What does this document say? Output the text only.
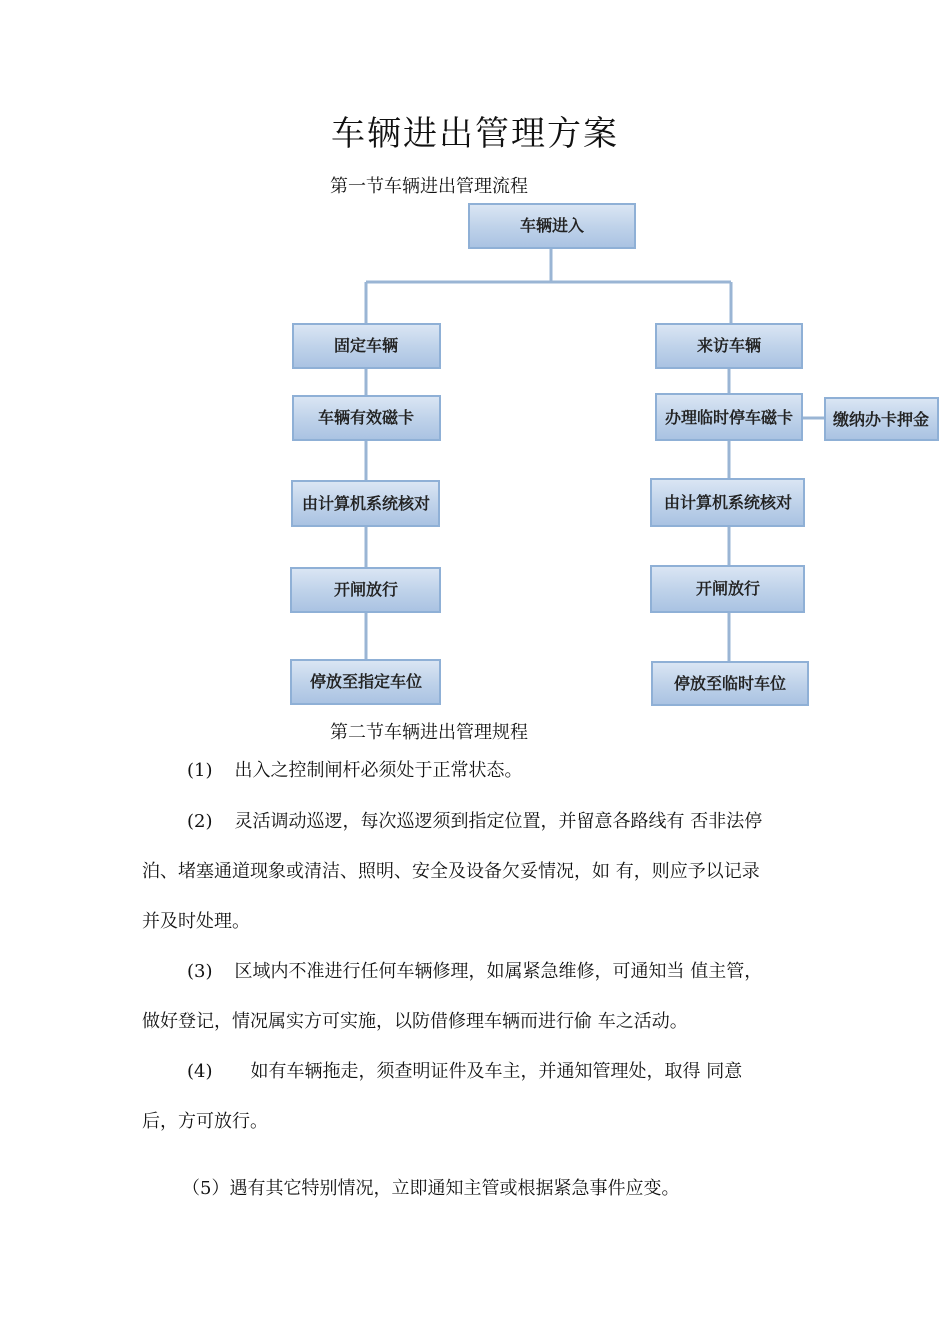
车辆进出管理方案
第一节车辆进出管理流程
车辆进入
固定车辆
车辆有效磁卡
由计算机系统核对
开闸放行
停放至指定车位
来访车辆
办理临时停车磁卡
由计算机系统核对
开闸放行
停放至临时车位
缴纳办卡押金
第二节车辆进出管理规程
(1) 出入之控制闸杆必须处于正常状态。

(2) 灵活调动巡逻，每次巡逻须到指定位置，并留意各路线有 否非法停

泊、堵塞通道现象或清洁、照明、安全及设备欠妥情况，如 有，则应予以记录

并及时处理。

(3) 区域内不准进行任何车辆修理，如属紧急维修，可通知当 值主管，

做好登记，情况属实方可实施，以防借修理车辆而进行偷 车之活动。

(4) 如有车辆拖走，须查明证件及车主，并通知管理处，取得 同意

后，方可放行。

（5）遇有其它特别情况，立即通知主管或根据紧急事件应变。
